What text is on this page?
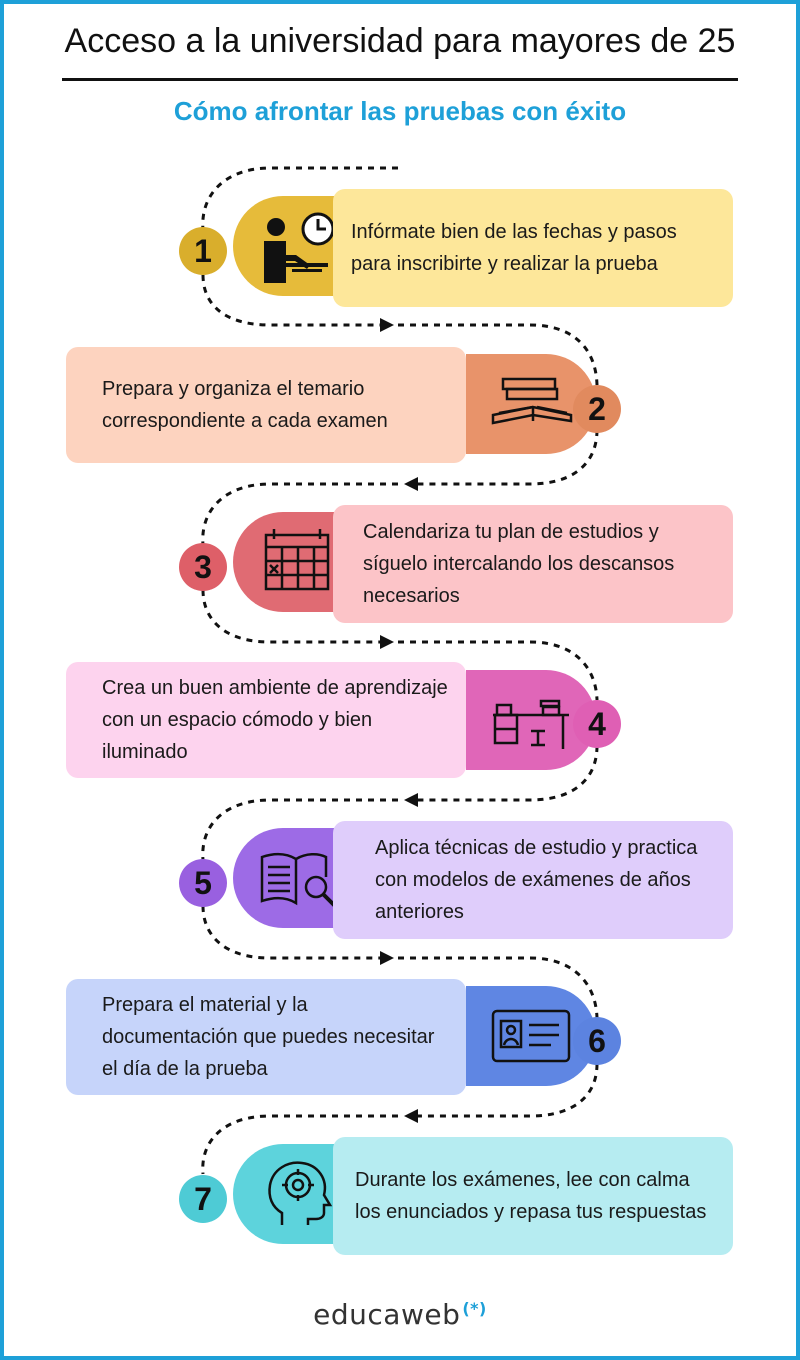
Acceso a la universidad para mayores de 25
Cómo afrontar las pruebas con éxito
Infórmate bien de las fechas y pasos para inscribirte y realizar la prueba
1
Prepara y organiza el temario correspondiente a cada examen	2
Calendariza tu plan de estudios y síguelo intercalando los descansos necesarios
3
Crea un buen ambiente de aprendizaje con un espacio cómodo y bien iluminado
4
Aplica técnicas de estudio y practica con modelos de exámenes de años anteriores
5
Prepara el material y la documentación que puedes necesitar el día de la prueba
6
Durante los exámenes, lee con calma los enunciados y repasa tus respuestas
7
educaweb (*)
